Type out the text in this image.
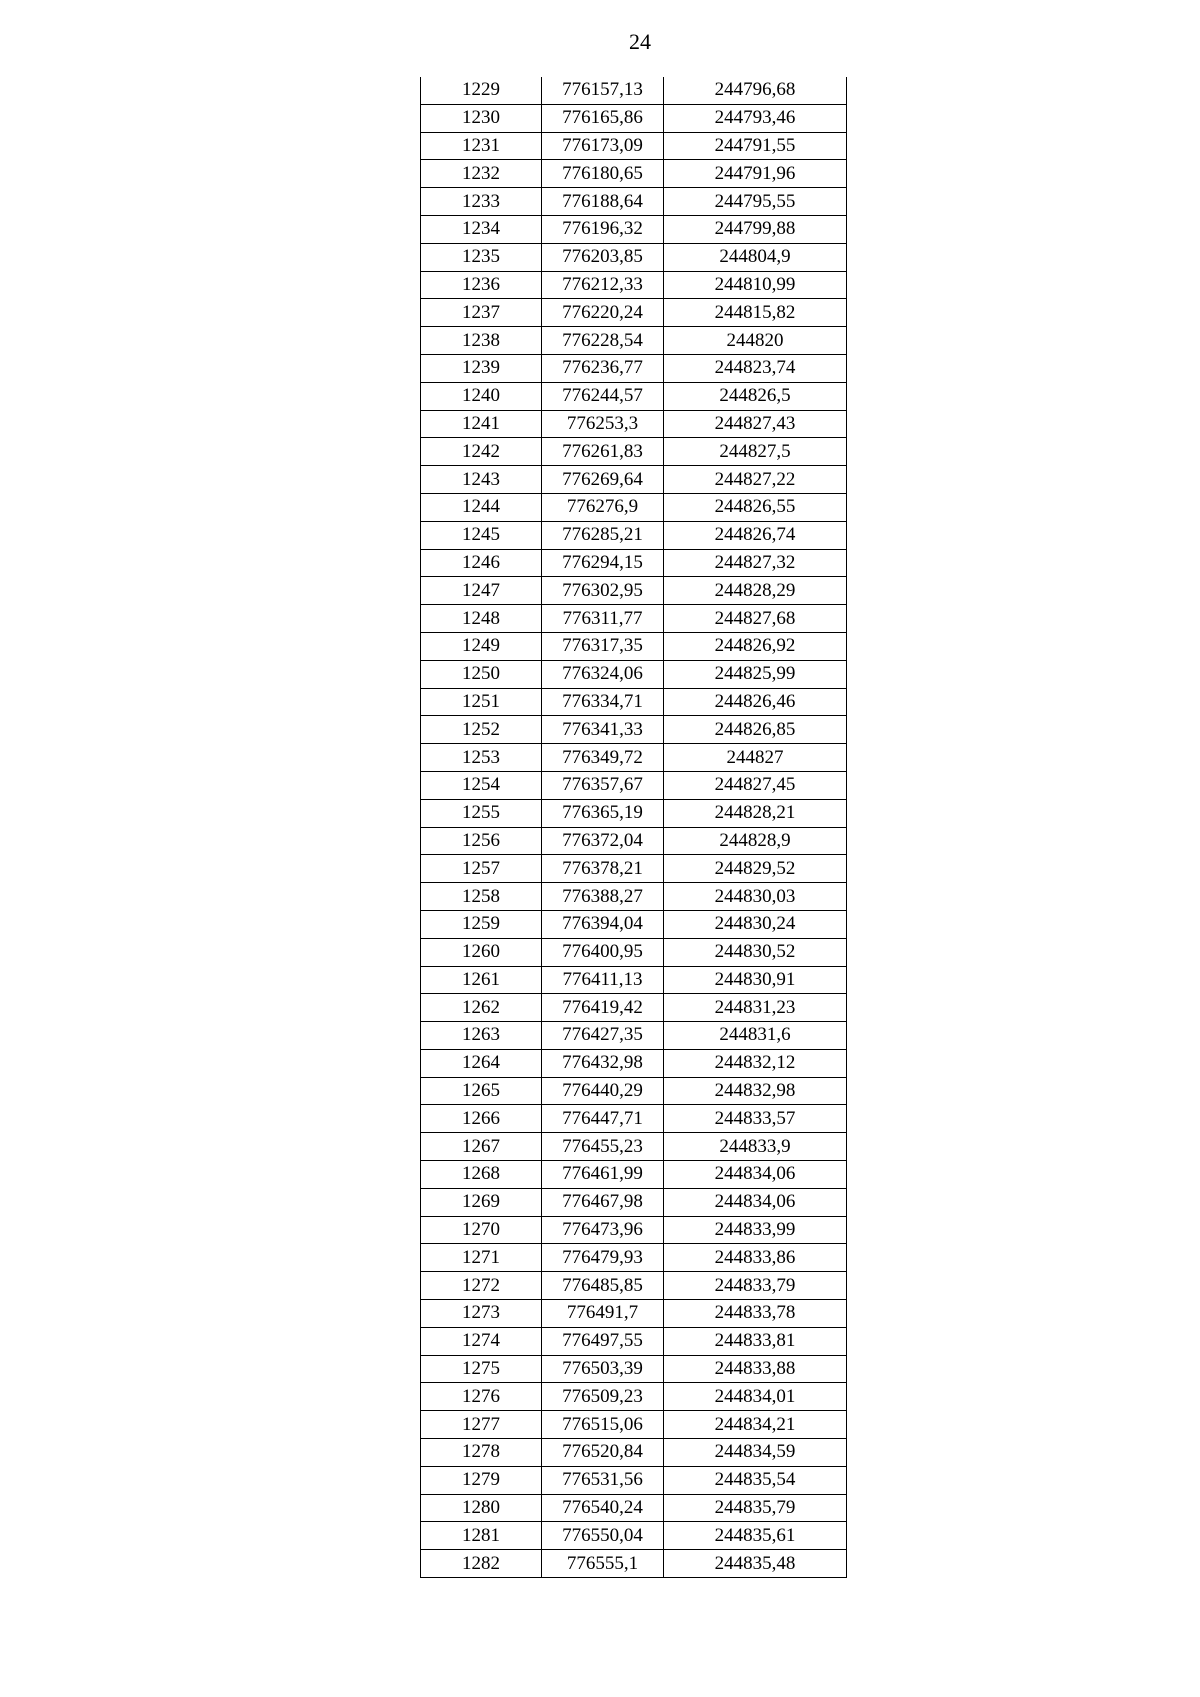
24
1229	776157,13	244796,68
1230	776165,86	244793,46
1231	776173,09	244791,55
1232	776180,65	244791,96
1233	776188,64	244795,55
1234	776196,32	244799,88
1235	776203,85	244804,9
1236	776212,33	244810,99
1237	776220,24	244815,82
1238	776228,54	244820
1239	776236,77	244823,74
1240	776244,57	244826,5
1241	776253,3	244827,43
1242	776261,83	244827,5
1243	776269,64	244827,22
1244	776276,9	244826,55
1245	776285,21	244826,74
1246	776294,15	244827,32
1247	776302,95	244828,29
1248	776311,77	244827,68
1249	776317,35	244826,92
1250	776324,06	244825,99
1251	776334,71	244826,46
1252	776341,33	244826,85
1253	776349,72	244827
1254	776357,67	244827,45
1255	776365,19	244828,21
1256	776372,04	244828,9
1257	776378,21	244829,52
1258	776388,27	244830,03
1259	776394,04	244830,24
1260	776400,95	244830,52
1261	776411,13	244830,91
1262	776419,42	244831,23
1263	776427,35	244831,6
1264	776432,98	244832,12
1265	776440,29	244832,98
1266	776447,71	244833,57
1267	776455,23	244833,9
1268	776461,99	244834,06
1269	776467,98	244834,06
1270	776473,96	244833,99
1271	776479,93	244833,86
1272	776485,85	244833,79
1273	776491,7	244833,78
1274	776497,55	244833,81
1275	776503,39	244833,88
1276	776509,23	244834,01
1277	776515,06	244834,21
1278	776520,84	244834,59
1279	776531,56	244835,54
1280	776540,24	244835,79
1281	776550,04	244835,61
1282	776555,1	244835,48
